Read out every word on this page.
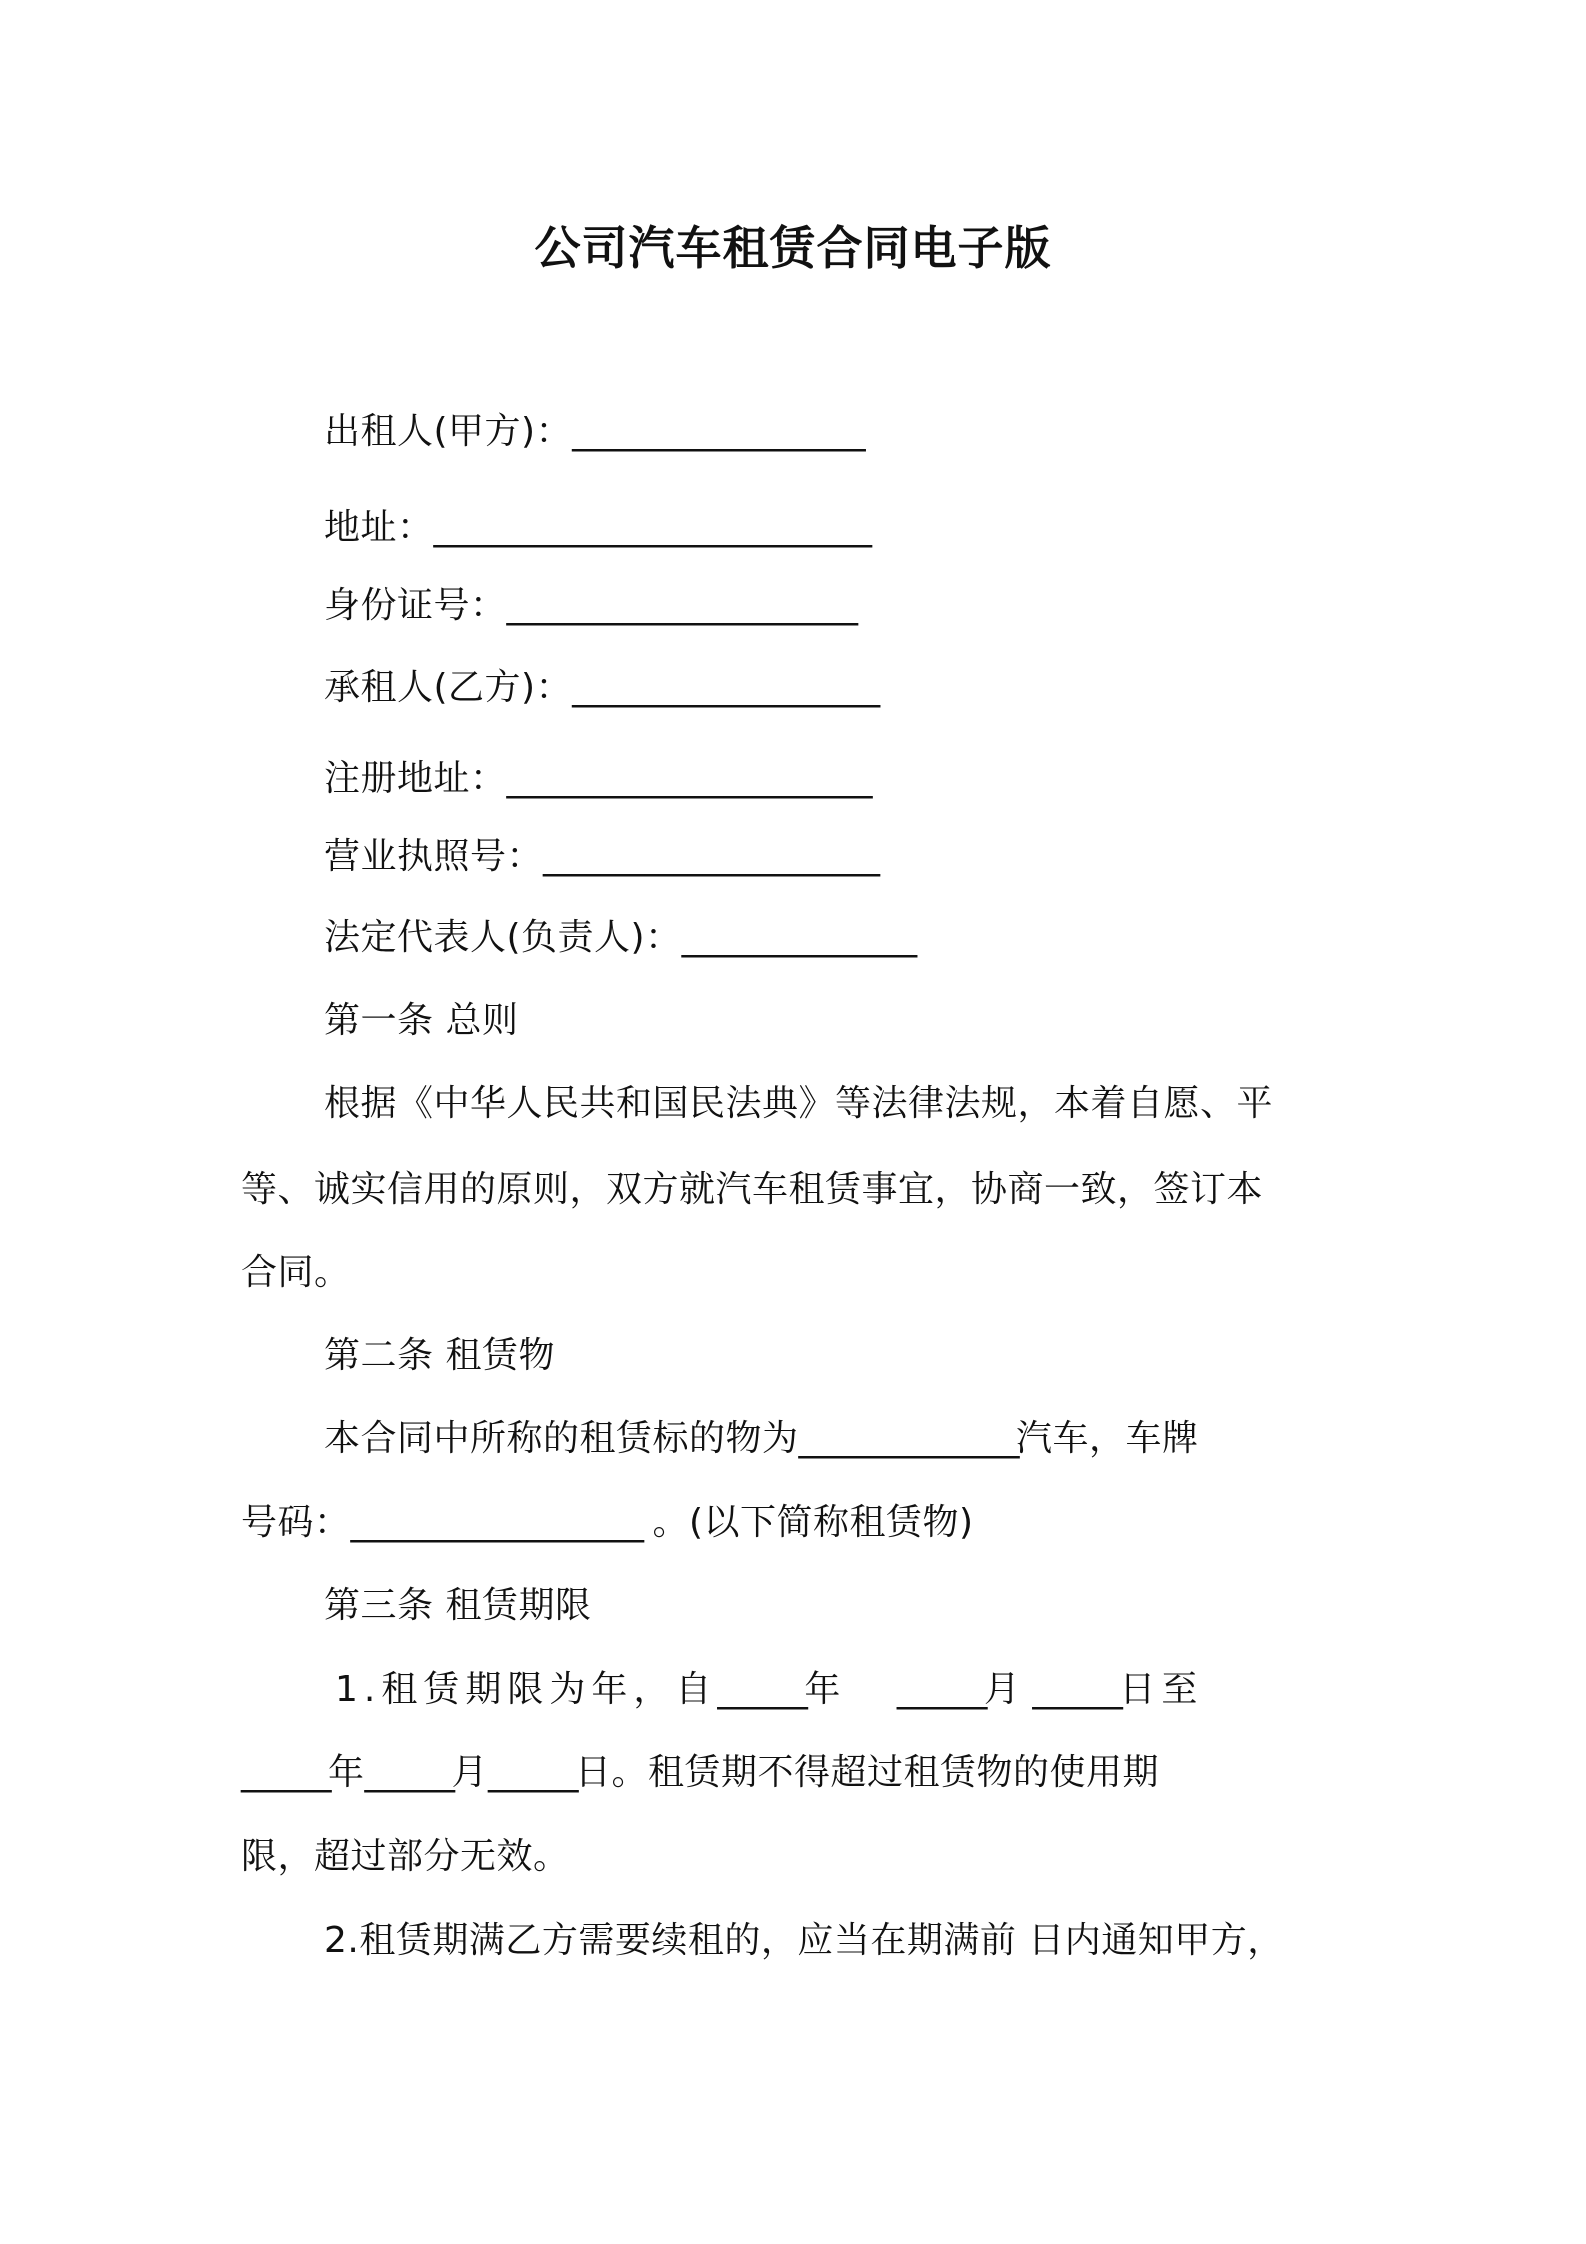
公司汽车租赁合同电子版
出租人(甲方)：____________________
地址：______________________________
身份证号：________________________
承租人(乙方)：_____________________
注册地址：_________________________
营业执照号：_______________________
法定代表人(负责人)：________________
第一条 总则
根据《中华人民共和国民法典》等法律法规，本着自愿、平
等、诚实信用的原则，双方就汽车租赁事宜，协商一致，签订本
合同。
第二条 租赁物
本合同中所称的租赁标的物为_______________汽车，车牌
号码：____________________ 。(以下简称租赁物)
第三条 租赁期限
1.租赁期限为年，自______年 ______月 ______日至
______年______月______日。租赁期不得超过租赁物的使用期
限，超过部分无效。
2.租赁期满乙方需要续租的，应当在期满前 日内通知甲方，
